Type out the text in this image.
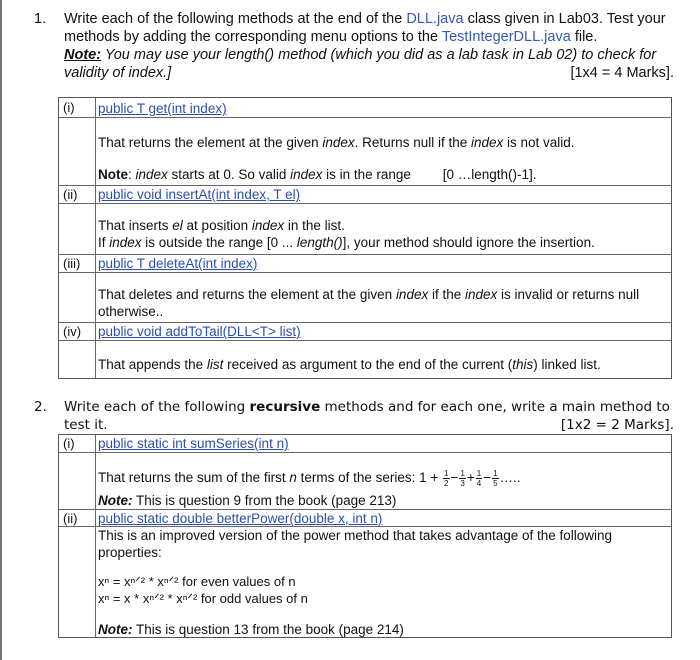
1. Write each of the following methods at the end of the DLL.java class given in Lab03. Test your methods by adding the corresponding menu options to the TestIntegerDLL.java file.
Note: You may use your length() method (which you did as a lab task in Lab 02) to check for validity of index.]	[1x4 = 4 Marks].
(i) public T get(int index)
That returns the element at the given index. Returns null if the index is not valid.
Note: index starts at 0. So valid index is in the range [0 …length()-1].
(ii) public void insertAt(int index, T el)
That inserts el at position index in the list.
If index is outside the range [0 ... length()], your method should ignore the insertion.
(iii) public T deleteAt(int index)
That deletes and returns the element at the given index if the index is invalid or returns null otherwise..
(iv) public void addToTail(DLL<T> list)
That appends the list received as argument to the end of the current (this) linked list.
2. Write each of the following recursive methods and for each one, write a main method to test it.	[1x2 = 2 Marks].
(i) public static int sumSeries(int n)
That returns the sum of the first n terms of the series: $1 + \frac{1}{2} - \frac{1}{3} + \frac{1}{4} - \frac{1}{5}$ …..
Note: This is question 9 from the book (page 213)
(ii) public static double betterPower(double x, int n)
This is an improved version of the power method that takes advantage of the following properties:
xⁿ = xⁿᐟ² * xⁿᐟ² for even values of n
xⁿ = x * xⁿᐟ² * xⁿᐟ² for odd values of n
Note: This is question 13 from the book (page 214)
